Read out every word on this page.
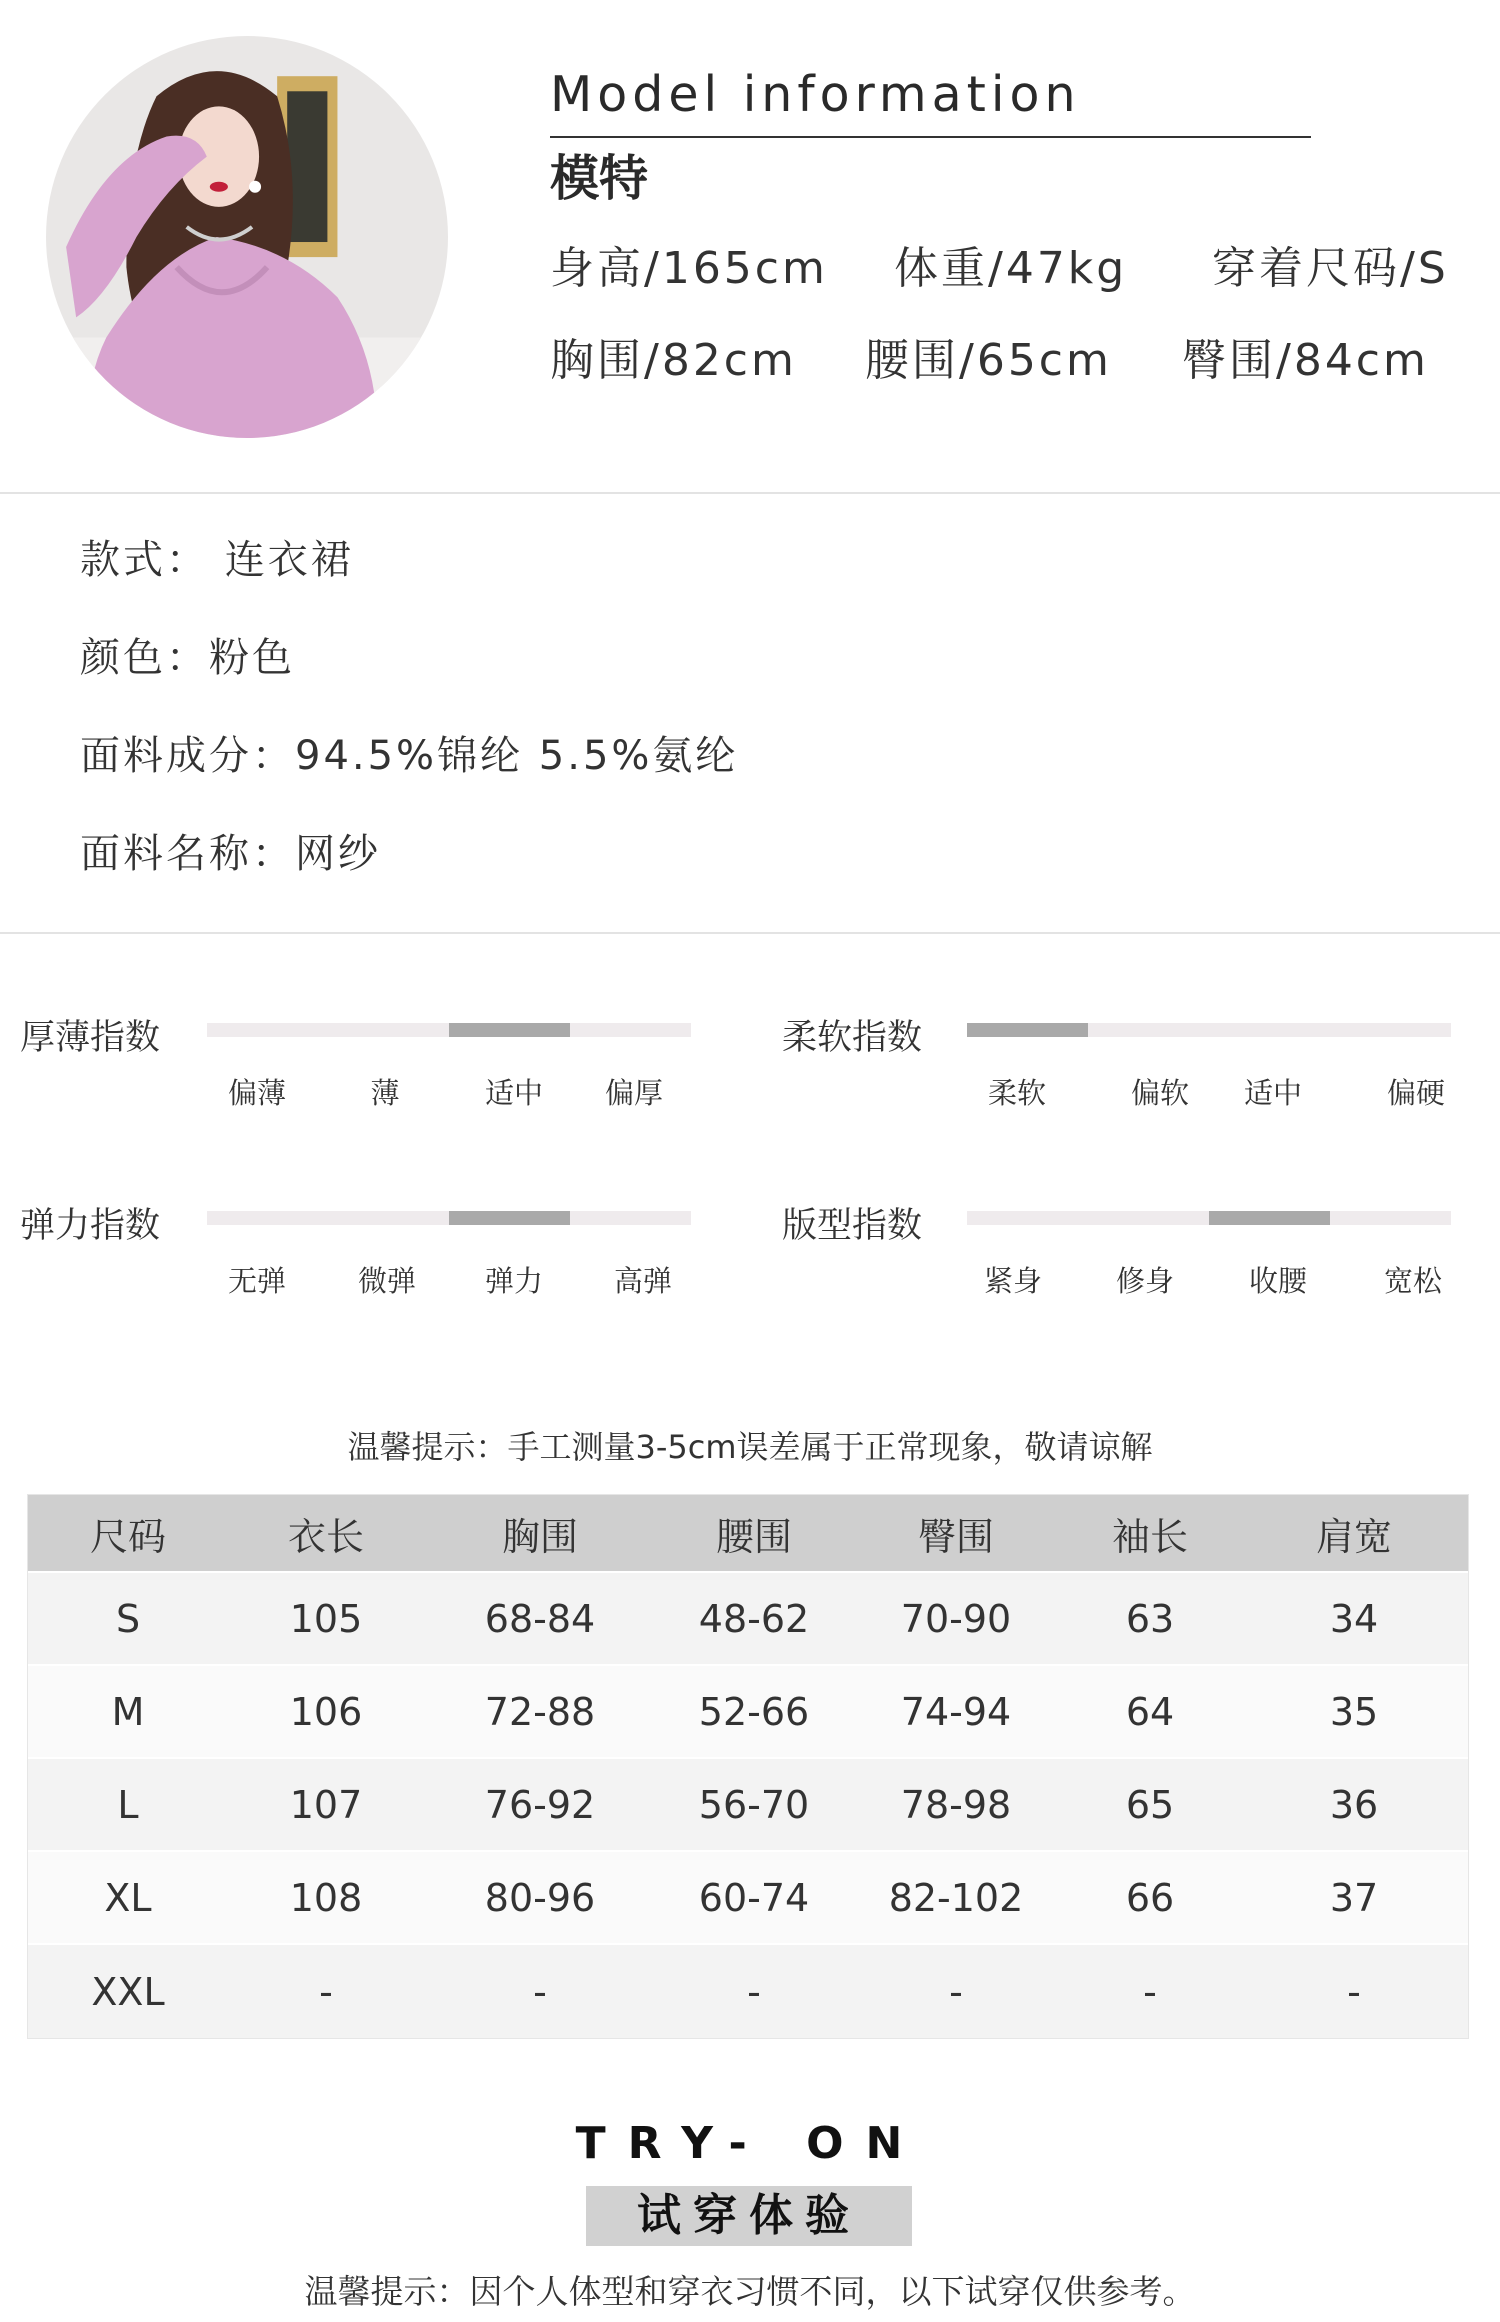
Model information
模特
身高/165cm 体重/47kg 穿着尺码/S
胸围/82cm 腰围/65cm 臀围/84cm
款式： 连衣裙
颜色：粉色
面料成分：94.5%锦纶 5.5%氨纶
面料名称：网纱
厚薄指数
偏薄	薄	适中 偏厚
柔软指数
柔软	偏软 适中	偏硬
弹力指数
无弹 微弹 弹力 高弹
版型指数
紧身	修身	收腰	宽松
温馨提示：手工测量3-5cm误差属于正常现象，敬请谅解
尺码	衣长	胸围	腰围	臀围	袖长	肩宽
S	105	68-84	48-62	70-90	63	34
M	106	72-88	52-66	74-94	64	35
L	107	76-92	56-70	78-98	65	36
XL	108	80-96	60-74	82-102	66	37
XXL	-	-	-	-	-	-
TRY- ON
试穿体验
温馨提示：因个人体型和穿衣习惯不同，以下试穿仅供参考。
